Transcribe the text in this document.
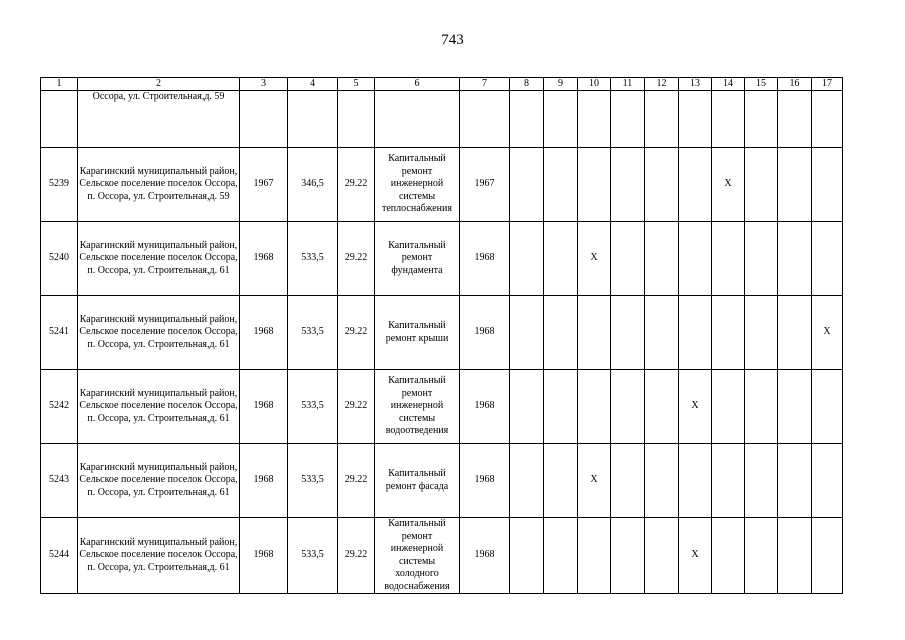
743
1	2	3	4	5	6	7	8	9	10	11	12	13	14	15	16	17
	Оссора, ул. Строительная,д. 59															
5239	Карагинский муниципальный район, Сельское поселение поселок Оссора, п. Оссора, ул. Строительная,д. 59	1967	346,5	29.22	Капитальный ремонт инженерной системы теплоснабжения	1967							X			
5240	Карагинский муниципальный район, Сельское поселение поселок Оссора, п. Оссора, ул. Строительная,д. 61	1968	533,5	29.22	Капитальный ремонт фундамента	1968			X							
5241	Карагинский муниципальный район, Сельское поселение поселок Оссора, п. Оссора, ул. Строительная,д. 61	1968	533,5	29.22	Капитальный ремонт крыши	1968										X
5242	Карагинский муниципальный район, Сельское поселение поселок Оссора, п. Оссора, ул. Строительная,д. 61	1968	533,5	29.22	Капитальный ремонт инженерной системы водоотведения	1968						X				
5243	Карагинский муниципальный район, Сельское поселение поселок Оссора, п. Оссора, ул. Строительная,д. 61	1968	533,5	29.22	Капитальный ремонт фасада	1968			X							
5244	Карагинский муниципальный район, Сельское поселение поселок Оссора, п. Оссора, ул. Строительная,д. 61	1968	533,5	29.22	Капитальный ремонт инженерной системы холодного водоснабжения	1968						X				
